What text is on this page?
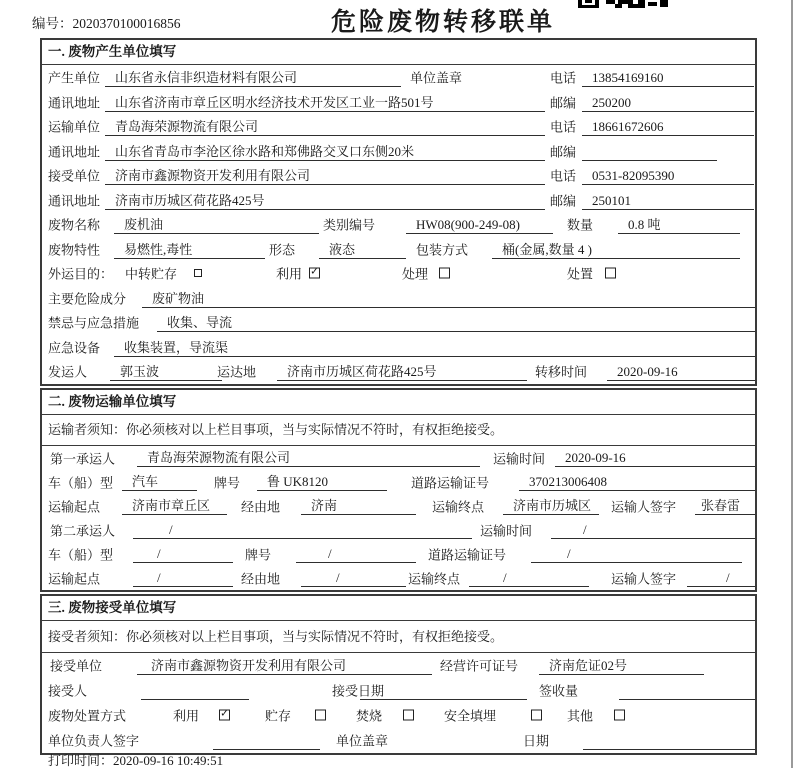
编号：2020370100016856	危险废物转移联单
一. 废物产生单位填写
产生单位	山东省永信非织造材料有限公司	单位盖章	电话	13854169160
通讯地址	山东省济南市章丘区明水经济技术开发区工业一路501号	邮编	250200
运输单位	青岛海荣源物流有限公司	电话	18661672606
通讯地址	山东省青岛市李沧区徐水路和郑佛路交叉口东侧20米	邮编
接受单位	济南市鑫源物资开发利用有限公司	电话	0531-82095390
通讯地址	济南市历城区荷花路425号	邮编	250101
废物名称	废机油	类别编号	HW08(900-249-08)	数量	0.8 吨
废物特性	易燃性,毒性	形态	液态	包装方式	桶(金属,数量 4 )
外运目的： 中转贮存	利用 ✓	处理	处置
主要危险成分	废矿物油
禁忌与应急措施	收集、导流
应急设备	收集装置，导流渠
发运人	郭玉波	运达地	济南市历城区荷花路425号	转移时间	2020-09-16
二. 废物运输单位填写
运输者须知：你必须核对以上栏目事项，当与实际情况不符时，有权拒绝接受。
第一承运人	青岛海荣源物流有限公司	运输时间	2020-09-16
车（船）型	汽车	牌号	鲁 UK8120	道路运输证号	370213006408
运输起点	济南市章丘区	经由地	济南	运输终点	济南市历城区	运输人签字	张春雷
第二承运人	/	运输时间	/
车（船）型	/	牌号	/	道路运输证号	/
运输起点	/	经由地	/	运输终点	/	运输人签字	/
三. 废物接受单位填写
接受者须知：你必须核对以上栏目事项，当与实际情况不符时，有权拒绝接受。
接受单位	济南市鑫源物资开发利用有限公司	经营许可证号	济南危证02号
接受人	接受日期	签收量
废物处置方式	利用 ✓	贮存	焚烧	安全填埋	其他
单位负责人签字	单位盖章	日期
打印时间：2020-09-16 10:49:51
